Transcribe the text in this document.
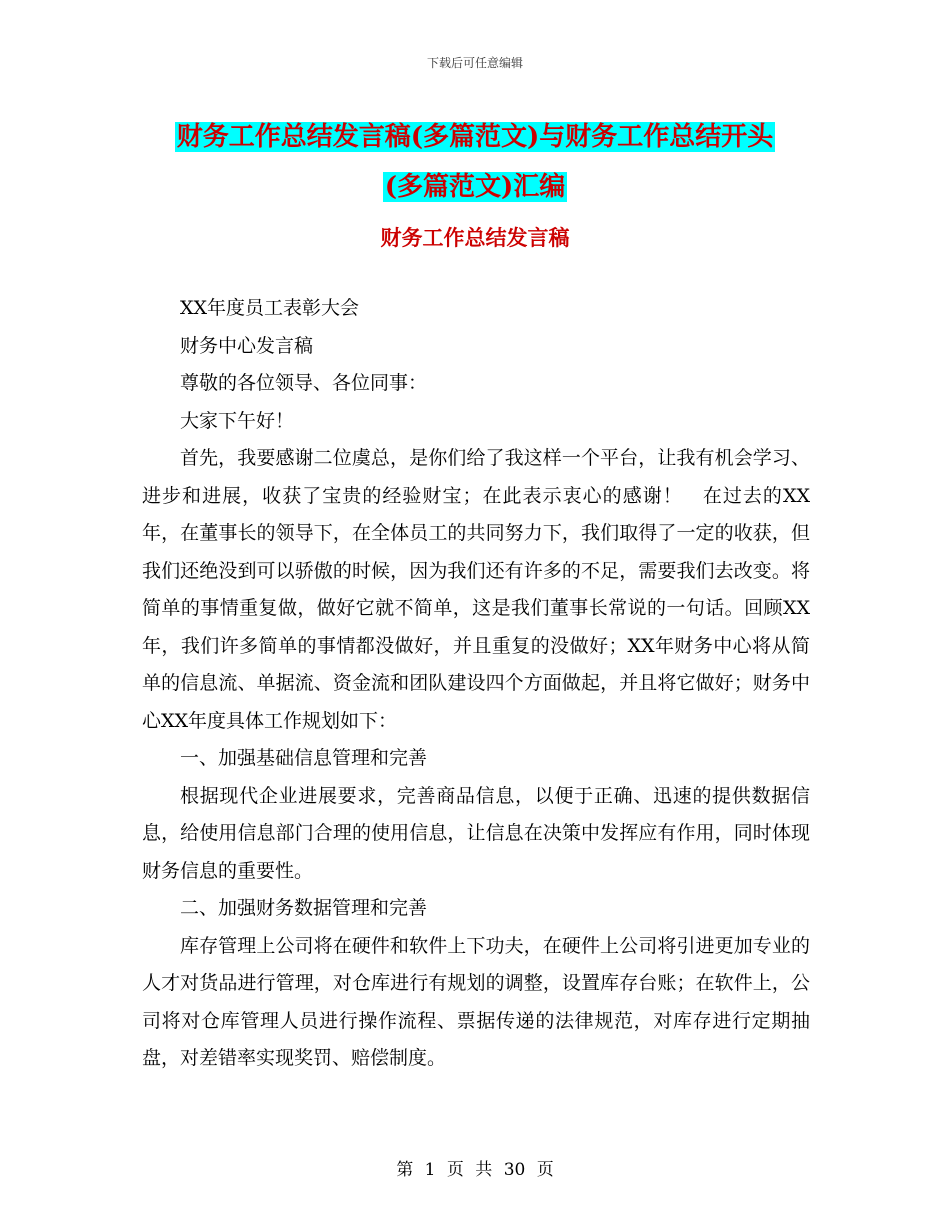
下载后可任意编辑
财务工作总结发言稿(多篇范文)与财务工作总结开头
(多篇范文)汇编
财务工作总结发言稿

XX年度员工表彰大会

财务中心发言稿

尊敬的各位领导、各位同事：

大家下午好！

首先，我要感谢二位虞总，是你们给了我这样一个平台，让我有机会学习、进步和进展，收获了宝贵的经验财宝；在此表示衷心的感谢！　在过去的XX年，在董事长的领导下，在全体员工的共同努力下，我们取得了一定的收获，但我们还绝没到可以骄傲的时候，因为我们还有许多的不足，需要我们去改变。将简单的事情重复做，做好它就不简单，这是我们董事长常说的一句话。回顾XX年，我们许多简单的事情都没做好，并且重复的没做好；XX年财务中心将从简单的信息流、单据流、资金流和团队建设四个方面做起，并且将它做好；财务中心XX年度具体工作规划如下：

一、加强基础信息管理和完善

根据现代企业进展要求，完善商品信息，以便于正确、迅速的提供数据信息，给使用信息部门合理的使用信息，让信息在决策中发挥应有作用，同时体现财务信息的重要性。

二、加强财务数据管理和完善

库存管理上公司将在硬件和软件上下功夫，在硬件上公司将引进更加专业的人才对货品进行管理，对仓库进行有规划的调整，设置库存台账；在软件上，公司将对仓库管理人员进行操作流程、票据传递的法律规范，对库存进行定期抽盘，对差错率实现奖罚、赔偿制度。

第 1 页 共 30 页
